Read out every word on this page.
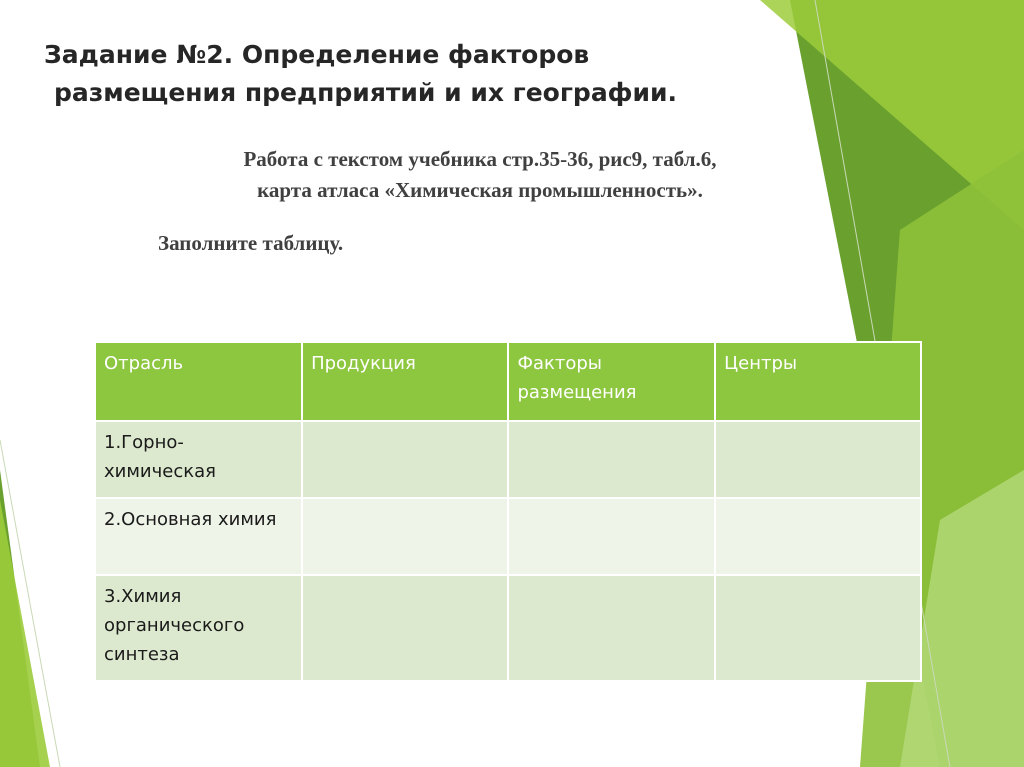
Задание №2. Определение факторов
размещения предприятий и их географии.
Работа с текстом учебника стр.35-36, рис9, табл.6,
карта атласа «Химическая промышленность».
Заполните таблицу.
Отрасль	Продукция	Факторы размещения	Центры
1.Горно-химическая			
2.Основная химия			
3.Химия органического синтеза			
